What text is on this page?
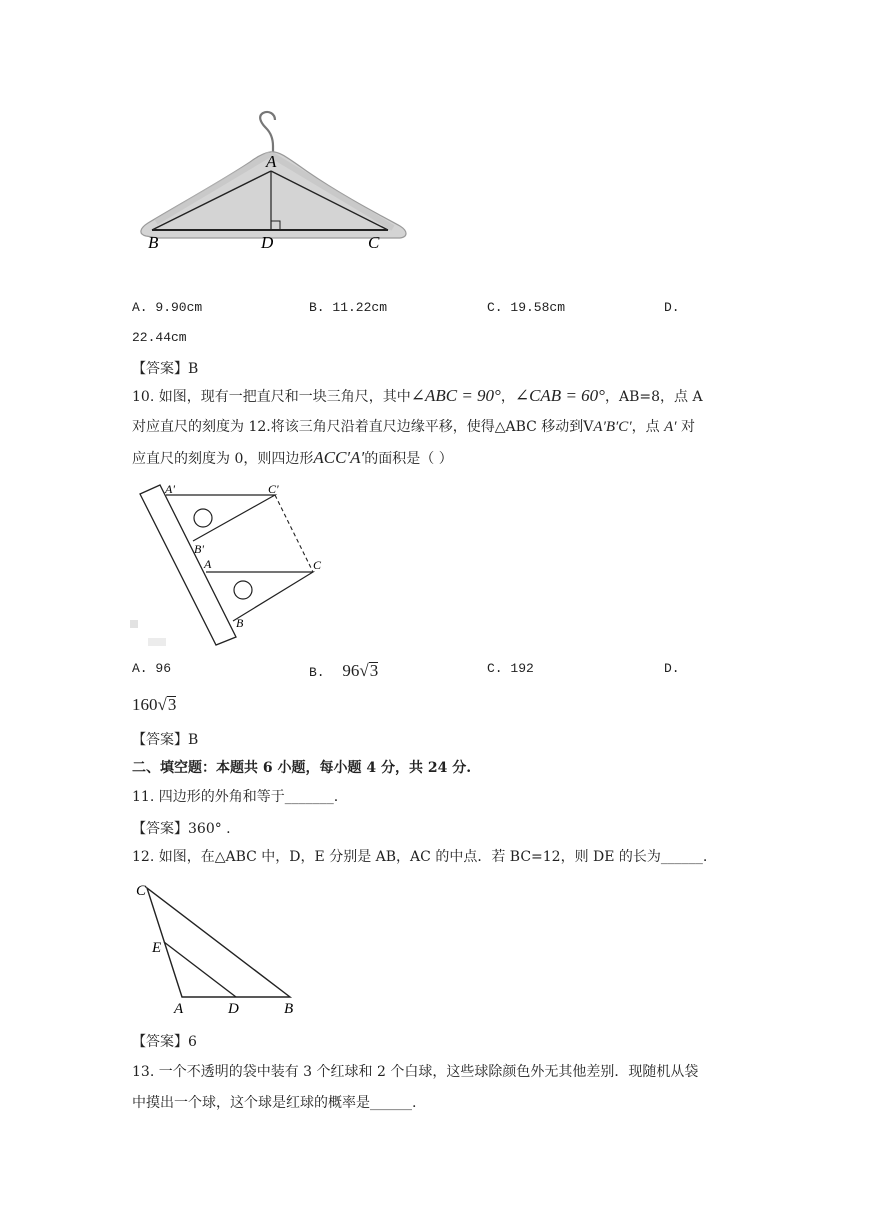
A
B	D	C
A. 9.90cm	B. 11.22cm	C. 19.58cm	D.
22.44cm
【答案】B
10. 如图，现有一把直尺和一块三角尺，其中∠ABC = 90°，∠CAB = 60°，AB=8，点 A
对应直尺的刻度为 12.将该三角尺沿着直尺边缘平移，使得△ABC 移动到VA′B′C′，点 A′ 对
应直尺的刻度为 0，则四边形ACC′A′的面积是（ ）
A'	C'
B'
A	C
B
A. 96	B. 96√3	C. 192	D.
160√3
【答案】B
二、填空题：本题共 6 小题，每小题 4 分，共 24 分.
11. 四边形的外角和等于_______.
【答案】360° .
12. 如图，在△ABC 中，D，E 分别是 AB，AC 的中点．若 BC=12，则 DE 的长为______.
C
E
A	D	B
【答案】6
13. 一个不透明的袋中装有 3 个红球和 2 个白球，这些球除颜色外无其他差别．现随机从袋
中摸出一个球，这个球是红球的概率是______.
